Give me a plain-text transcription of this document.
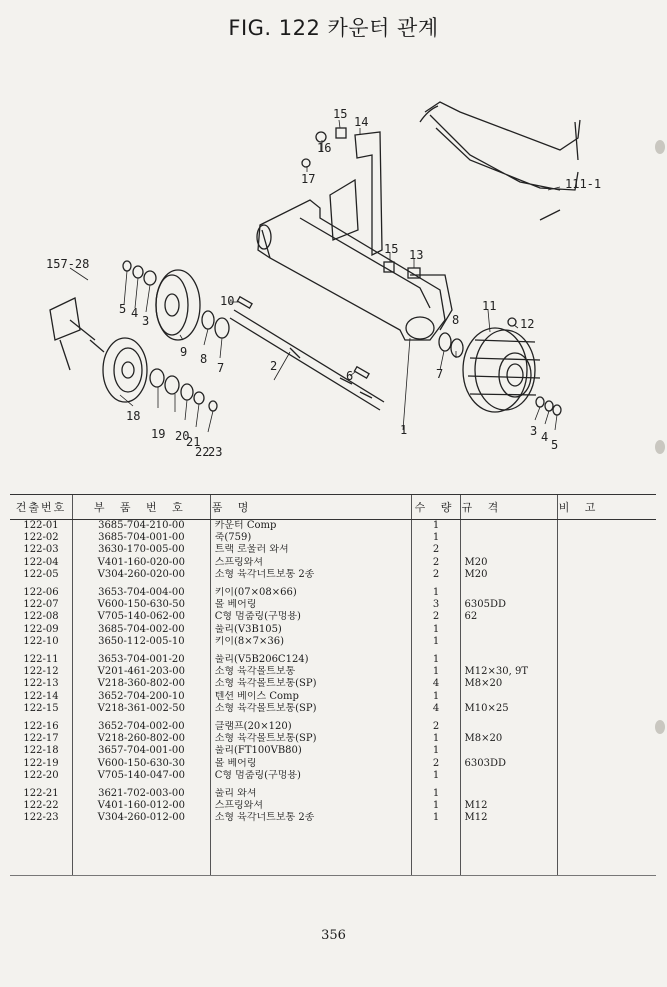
FIG. 122 카운터 관계
15
14
16
17	111-1
157-28
5 4
3
10
9 8
7
15 13
11
12
8
7
2
6
1
18
19 20
21
22
23
3 4
5
건출번호	부 품 번 호	품 명	수 량	규 격	비 고
122-01	3685-704-210-00	카운터 Comp	1		
122-02	3685-704-001-00	축(759)	1		
122-03	3630-170-005-00	트랙 로울러 와셔	2		
122-04	V401-160-020-00	스프링와셔	2	M20	
122-05	V304-260-020-00	소형 육각너트보통 2종	2	M20	

122-06	3653-704-004-00	키이(07×08×66)	1		
122-07	V600-150-630-50	볼 베어링	3	6305DD	
122-08	V705-140-062-00	C형 멈춤링(구멍용)	2	62	
122-09	3685-704-002-00	풀리(V3B105)	1		
122-10	3650-112-005-10	키이(8×7×36)	1		

122-11	3653-704-001-20	풀리(V5B206C124)	1		
122-12	V201-461-203-00	소형 육각볼트보통	1	M12×30, 9T	
122-13	V218-360-802-00	소형 육각볼트보통(SP)	4	M8×20	
122-14	3652-704-200-10	텐션 베이스 Comp	1		
122-15	V218-361-002-50	소형 육각볼트보통(SP)	4	M10×25	

122-16	3652-704-002-00	클램프(20×120)	2		
122-17	V218-260-802-00	소형 육각볼트보통(SP)	1	M8×20	
122-18	3657-704-001-00	풀리(FT100VB80)	1		
122-19	V600-150-630-30	볼 베어링	2	6303DD	
122-20	V705-140-047-00	C형 멈춤링(구멍용)	1		

122-21	3621-702-003-00	풀리 와셔	1		
122-22	V401-160-012-00	스프링와셔	1	M12	
122-23	V304-260-012-00	소형 육각너트보통 2종	1	M12	

356
